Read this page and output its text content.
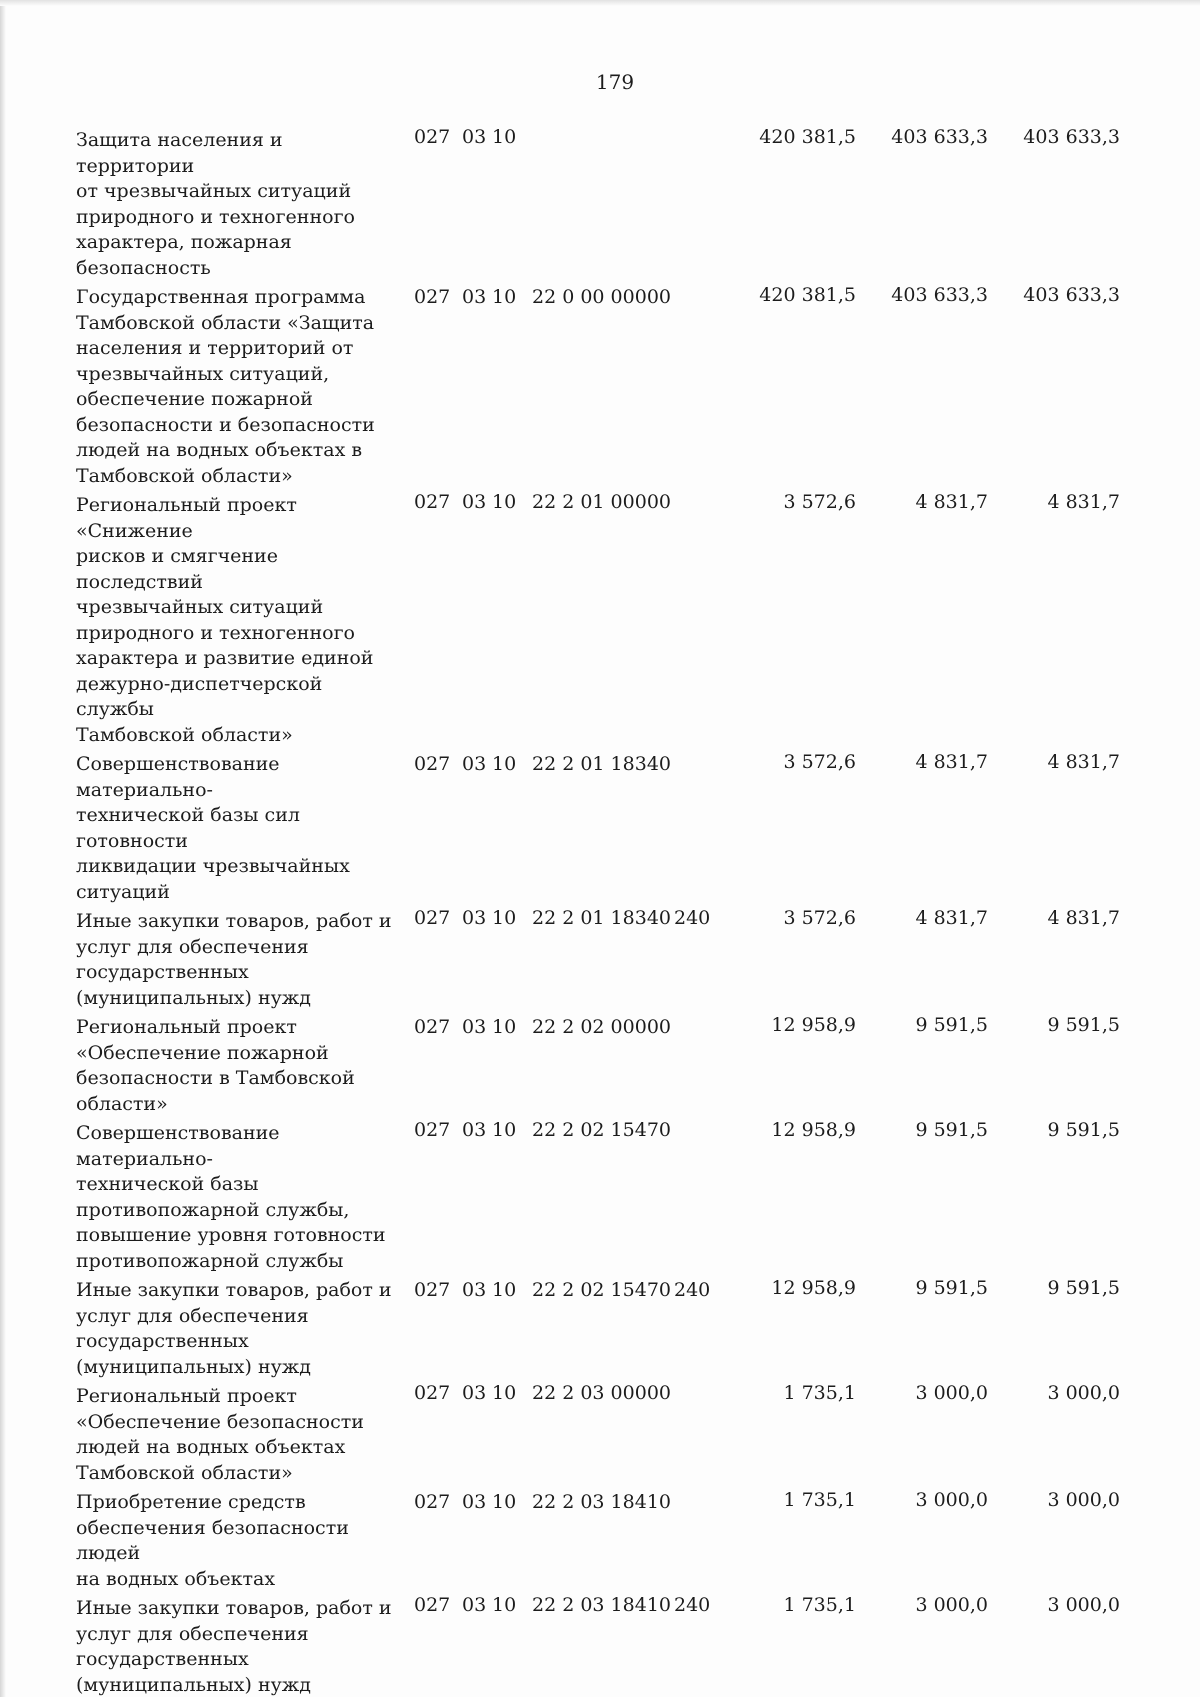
179
Защита населения и территории
от чрезвычайных ситуаций
природного и техногенного
характера, пожарная
безопасность
027 03 10	420 381,5	403 633,3	403 633,3
Государственная программа
Тамбовской области «Защита
населения и территорий от
чрезвычайных ситуаций,
обеспечение пожарной
безопасности и безопасности
людей на водных объектах в
Тамбовской области»
027 03 10 22 0 00 00000	420 381,5	403 633,3	403 633,3
Региональный проект «Снижение
рисков и смягчение последствий
чрезвычайных ситуаций
природного и техногенного
характера и развитие единой
дежурно-диспетчерской службы
Тамбовской области»
027 03 10 22 2 01 00000	3 572,6	4 831,7	4 831,7
Совершенствование материально-
технической базы сил готовности
ликвидации чрезвычайных
ситуаций
027 03 10 22 2 01 18340	3 572,6	4 831,7	4 831,7
Иные закупки товаров, работ и
услуг для обеспечения
государственных
(муниципальных) нужд
027 03 10 22 2 01 18340 240	3 572,6	4 831,7	4 831,7
Региональный проект
«Обеспечение пожарной
безопасности в Тамбовской
области»
027 03 10 22 2 02 00000	12 958,9	9 591,5	9 591,5
Совершенствование материально-
технической базы
противопожарной службы,
повышение уровня готовности
противопожарной службы
027 03 10 22 2 02 15470	12 958,9	9 591,5	9 591,5
Иные закупки товаров, работ и
услуг для обеспечения
государственных
(муниципальных) нужд
027 03 10 22 2 02 15470 240	12 958,9	9 591,5	9 591,5
Региональный проект
«Обеспечение безопасности
людей на водных объектах
Тамбовской области»
027 03 10 22 2 03 00000	1 735,1	3 000,0	3 000,0
Приобретение средств
обеспечения безопасности людей
на водных объектах
027 03 10 22 2 03 18410	1 735,1	3 000,0	3 000,0
Иные закупки товаров, работ и
услуг для обеспечения
государственных
(муниципальных) нужд
027 03 10 22 2 03 18410 240	1 735,1	3 000,0	3 000,0
